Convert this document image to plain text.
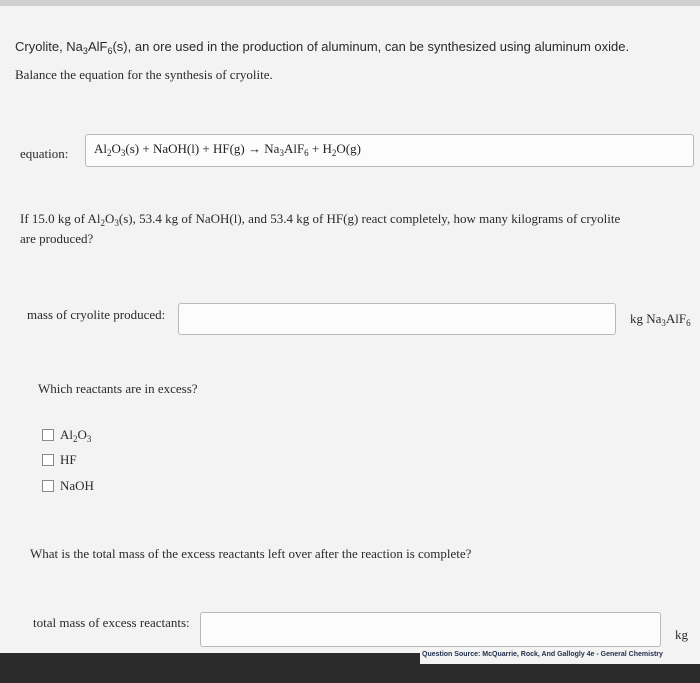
Cryolite, $Na_3AlF_6(s)$, an ore used in the production of aluminum, can be synthesized using aluminum oxide.
Balance the equation for the synthesis of cryolite.
equation: $Al_2O_3(s)$ + NaOH(l) + $HF(g) \to Na_3AlF_6 + H_2O(g)$
If 15.0 kg of $Al_2O_3(s)$, 53.4 kg of NaOH(l), and 53.4 kg of HF(g) react completely, how many kilograms of cryolite
are produced?
mass of cryolite produced:	kg $Na_3AlF_6$
Which reactants are in excess?
$Al_2O_3$
HF
NaOH
What is the total mass of the excess reactants left over after the reaction is complete?
total mass of excess reactants:
kg
Question Source: McQuarrie, Rock, And Gallogly 4e - General Chemistry
